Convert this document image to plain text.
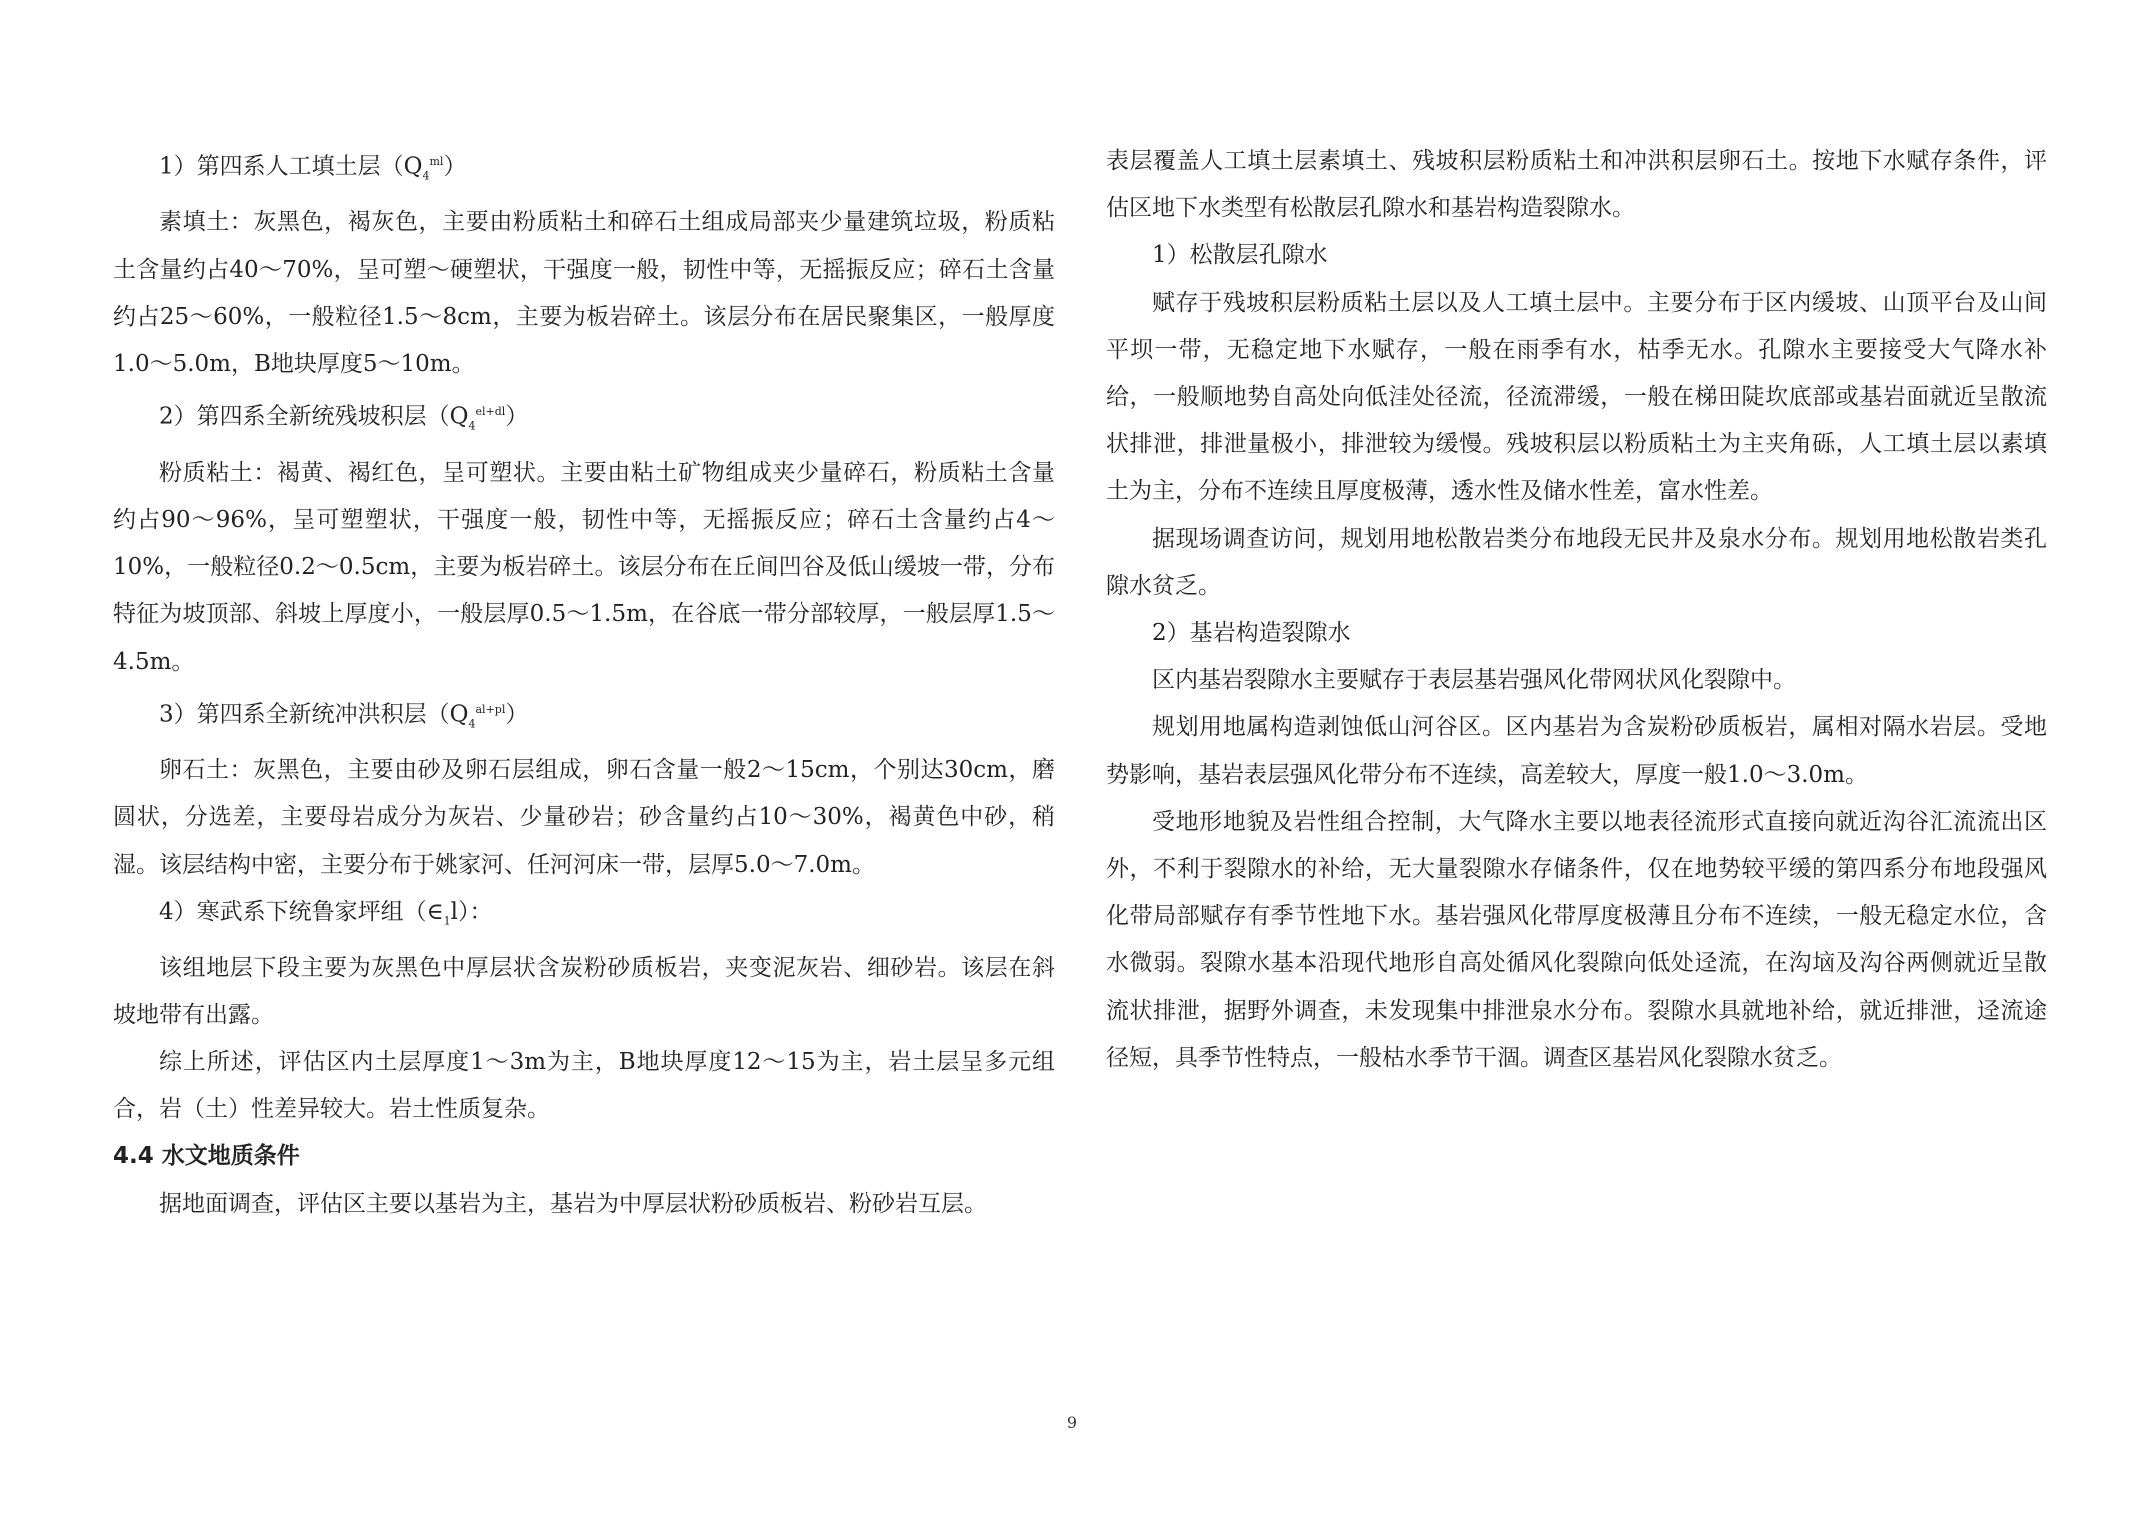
1）第四系人工填土层$(Q_4^{ml})$

素填土：灰黑色，褐灰色，主要由粉质粘土和碎石土组成局部夹少量建筑垃圾，粉质粘土含量约占40～70%，呈可塑～硬塑状，干强度一般，韧性中等，无摇振反应；碎石土含量约占25～60%，一般粒径1.5～8cm，主要为板岩碎土。该层分布在居民聚集区，一般厚度1.0～5.0m，B地块厚度5～10m。

2）第四系全新统残坡积层$(Q_4^{el+dl})$

粉质粘土：褐黄、褐红色，呈可塑状。主要由粘土矿物组成夹少量碎石，粉质粘土含量约占90～96%，呈可塑塑状，干强度一般，韧性中等，无摇振反应；碎石土含量约占4～10%，一般粒径0.2～0.5cm，主要为板岩碎土。该层分布在丘间凹谷及低山缓坡一带，分布特征为坡顶部、斜坡上厚度小，一般层厚0.5～1.5m，在谷底一带分部较厚，一般层厚1.5～4.5m。

3）第四系全新统冲洪积层$(Q_4^{al+pl})$

卵石土：灰黑色，主要由砂及卵石层组成，卵石含量一般2～15cm，个别达30cm，磨圆状，分选差，主要母岩成分为灰岩、少量砂岩；砂含量约占10～30%，褐黄色中砂，稍湿。该层结构中密，主要分布于姚家河、任河河床一带，层厚5.0～7.0m。

4）寒武系下统鲁家坪组$(\in_1l)$：

该组地层下段主要为灰黑色中厚层状含炭粉砂质板岩，夹变泥灰岩、细砂岩。该层在斜坡地带有出露。

综上所述，评估区内土层厚度1～3m为主，B地块厚度12～15为主，岩土层呈多元组合，岩（土）性差异较大。岩土性质复杂。

4.4 水文地质条件

据地面调查，评估区主要以基岩为主，基岩为中厚层状粉砂质板岩、粉砂岩互层。

表层覆盖人工填土层素填土、残坡积层粉质粘土和冲洪积层卵石土。按地下水赋存条件，评估区地下水类型有松散层孔隙水和基岩构造裂隙水。

1）松散层孔隙水

赋存于残坡积层粉质粘土层以及人工填土层中。主要分布于区内缓坡、山顶平台及山间平坝一带，无稳定地下水赋存，一般在雨季有水，枯季无水。孔隙水主要接受大气降水补给，一般顺地势自高处向低洼处径流，径流滞缓，一般在梯田陡坎底部或基岩面就近呈散流状排泄，排泄量极小，排泄较为缓慢。残坡积层以粉质粘土为主夹角砾，人工填土层以素填土为主，分布不连续且厚度极薄，透水性及储水性差，富水性差。

据现场调查访问，规划用地松散岩类分布地段无民井及泉水分布。规划用地松散岩类孔隙水贫乏。

2）基岩构造裂隙水

区内基岩裂隙水主要赋存于表层基岩强风化带网状风化裂隙中。

规划用地属构造剥蚀低山河谷区。区内基岩为含炭粉砂质板岩，属相对隔水岩层。受地势影响，基岩表层强风化带分布不连续，高差较大，厚度一般1.0～3.0m。

受地形地貌及岩性组合控制，大气降水主要以地表径流形式直接向就近沟谷汇流流出区外，不利于裂隙水的补给，无大量裂隙水存储条件，仅在地势较平缓的第四系分布地段强风化带局部赋存有季节性地下水。基岩强风化带厚度极薄且分布不连续，一般无稳定水位，含水微弱。裂隙水基本沿现代地形自高处循风化裂隙向低处迳流，在沟垴及沟谷两侧就近呈散流状排泄，据野外调查，未发现集中排泄泉水分布。裂隙水具就地补给，就近排泄，迳流途径短，具季节性特点，一般枯水季节干涸。调查区基岩风化裂隙水贫乏。

9
